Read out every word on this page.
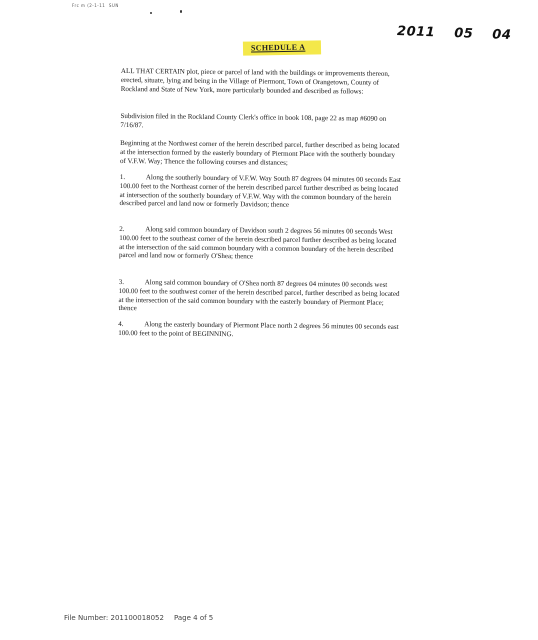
Frc m (2-1-11  SUN
2011 05 04
SCHEDULE A

ALL THAT CERTAIN plot, piece or parcel of land with the buildings or improvements thereon, erected, situate, lying and being in the Village of Piermont, Town of Orangetown, County of Rockland and State of New York, more particularly bounded and described as follows:

Subdivision filed in the Rockland County Clerk's office in book 108, page 22 as map #6090 on 7/16/87.

Beginning at the Northwest corner of the herein described parcel, further described as being located at the intersection formed by the easterly boundary of Piermont Place with the southerly boundary of V.F.W. Way; Thence the following courses and distances;

1.	Along the southerly boundary of V.F.W. Way South 87 degrees 04 minutes 00 seconds East 100.00 feet to the Northeast corner of the herein described parcel further described as being located at intersection of the southerly boundary of V.F.W. Way with the common boundary of the herein described parcel and land now or formerly Davidson; thence

2.	Along said common boundary of Davidson south 2 degrees 56 minutes 00 seconds West 100.00 feet to the southeast corner of the herein described parcel further described as being located at the intersection of the said common boundary with a common boundary of the herein described parcel and land now or formerly O'Shea; thence

3.	Along said common boundary of O'Shea north 87 degrees 04 minutes 00 seconds west 100.00 feet to the southwest corner of the herein described parcel, further described as being located at the intersection of the said common boundary with the easterly boundary of Piermont Place; thence

4.	Along the easterly boundary of Piermont Place north 2 degrees 56 minutes 00 seconds east 100.00 feet to the point of BEGINNING.

File Number: 201100018052 Page 4 of 5
